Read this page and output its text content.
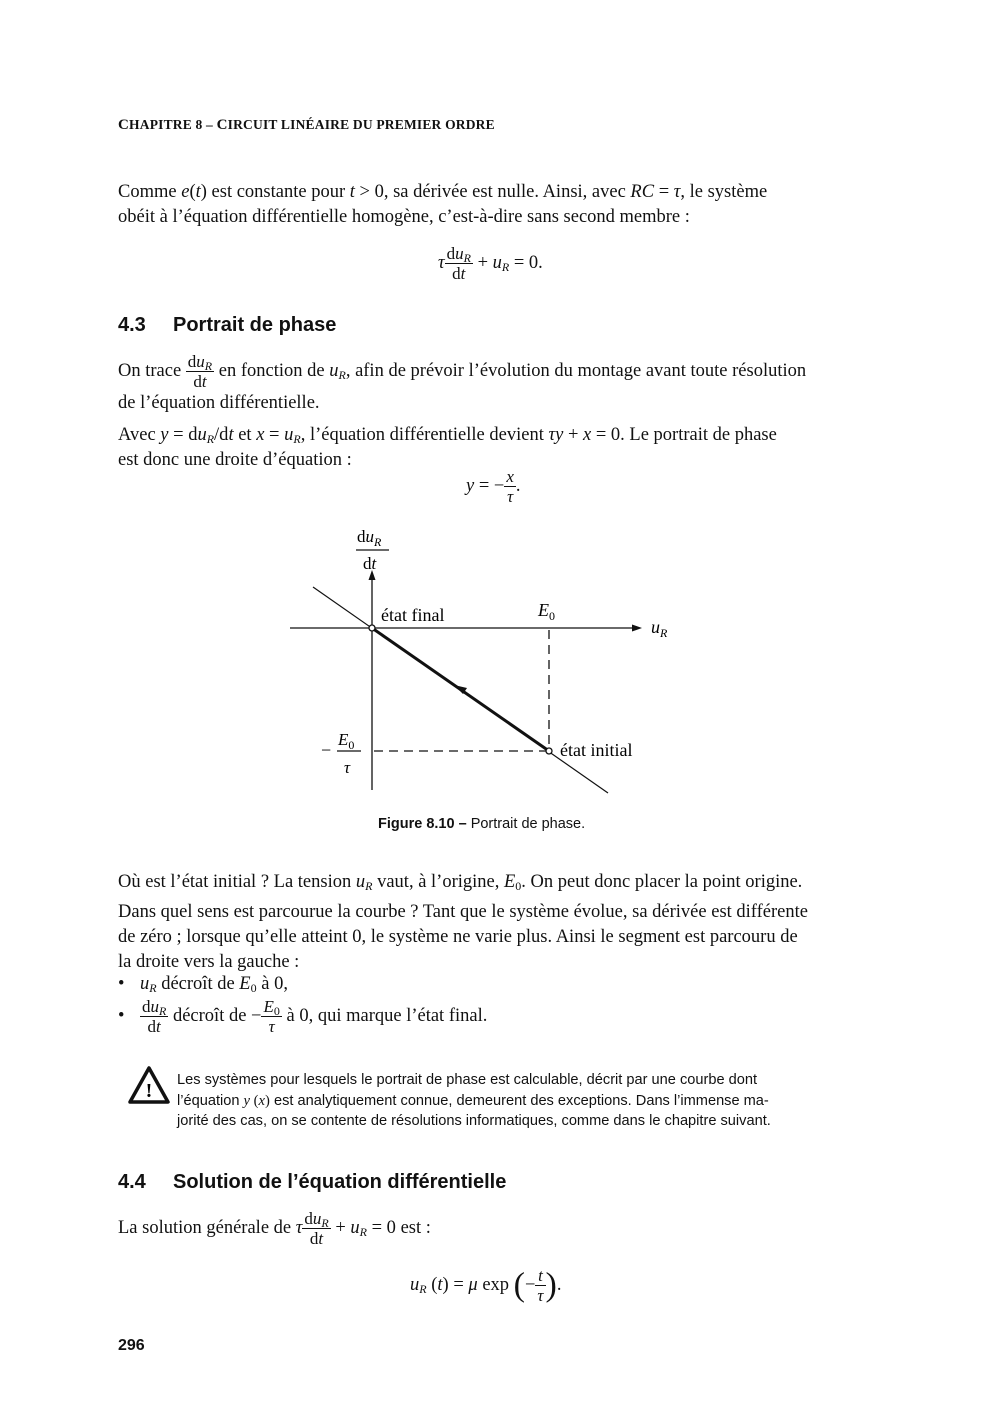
CHAPITRE 8 – CIRCUIT LINÉAIRE DU PREMIER ORDRE
Comme e(t) est constante pour t > 0, sa dérivée est nulle. Ainsi, avec RC = τ, le système
obéit à l’équation différentielle homogène, c’est-à-dire sans second membre :
τ $\frac{du_R}{dt} + u_R = 0$.
4.3 Portrait de phase
On trace $\frac{du_R}{dt}$ en fonction de $u_R$, afin de prévoir l’évolution du montage avant toute résolution
de l’équation différentielle.
Avec $y = du_R/dt$ et $x = u_R$, l’équation différentielle devient τy + x = 0. Le portrait de phase
est donc une droite d’équation :
y = − $\frac{x}{\tau}$ .
$du_R$
dt
$u_R$
état final
état initial
$E_0$
−
$E_0$
τ
Figure 8.10 – Portrait de phase.
Où est l’état initial ? La tension $u_R$ vaut, à l’origine, $E_0$. On peut donc placer la point origine.
Dans quel sens est parcourue la courbe ? Tant que le système évolue, sa dérivée est différente
de zéro ; lorsque qu’elle atteint 0, le système ne varie plus. Ainsi le segment est parcouru de
la droite vers la gauche :
• $u_R$ décroît de $E_0$ à 0,
• $\frac{du_R}{dt}$ décroît de − $\frac{E_0}{\tau}$ à 0, qui marque l’état final.
! Les systèmes pour lesquels le portrait de phase est calculable, décrit par une courbe dont
l’équation y (x) est analytiquement connue, demeurent des exceptions. Dans l’immense ma-
jorité des cas, on se contente de résolutions informatiques, comme dans le chapitre suivant.
4.4 Solution de l’équation différentielle
La solution générale de τ $\frac{du_R}{dt} + u_R = 0$ est :
$u_R$ (t) = μ exp (− $\frac{t}{\tau}$ ).
296
